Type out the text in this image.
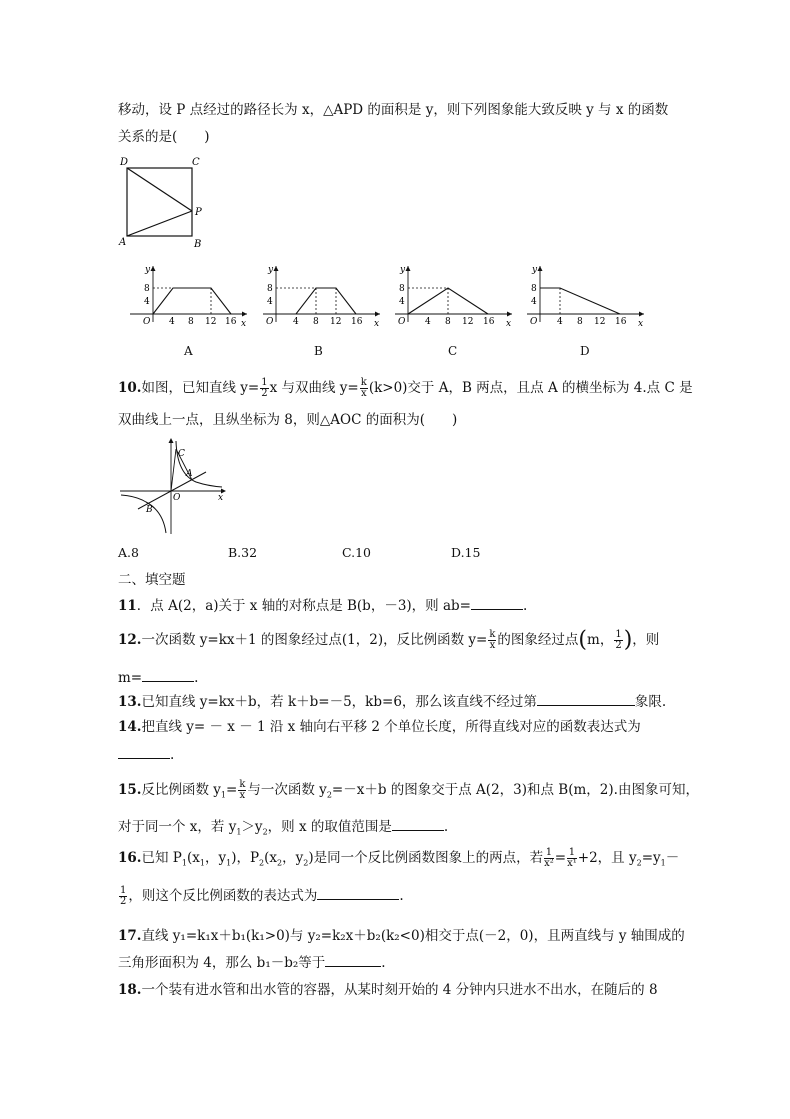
移动，设 P 点经过的路径长为 x，△APD 的面积是 y，则下列图象能大致反映 y 与 x 的函数
关系的是(　　)
D	C
P
A	B
y
8
4
O 4 8 12 16 x
y
8
4
O 4 8 12 16 x
y
8
4
O 4 8 12 16 x
y
8
4
O 4 8 12 16 x
A	B	C	D
10.如图，已知直线 $y= \frac{1}{2}$ x 与双曲线 $y= \frac{k}{x} (k>0)$交于 A，B 两点，且点 A 的横坐标为 4.点 C 是
双曲线上一点，且纵坐标为 8，则△AOC 的面积为(　　)
C
A
O
B
x
A.8	B.32	C.10	D.15
二、填空题
11．点 A(2，a)关于 x 轴的对称点是 B(b，－3)，则 ab=	.
12.一次函数 y=kx＋1 的图象经过点(1，2)，反比例函数 $y= \frac{k}{x}$ 的图象经过点(m， $\frac{1}{2}$ )，则
m=	.
13.已知直线 y=kx＋b，若 k＋b=－5，kb=6，那么该直线不经过第	象限.
14.把直线 y= － x － 1 沿 x 轴向右平移 2 个单位长度，所得直线对应的函数表达式为
.
15.反比例函数 $y_1= \frac{k}{x}$ 与一次函数 $y_2=-x+b$ 的图象交于点 A(2，3)和点 B(m，2).由图象可知，
对于同一个 x，若 $y_1>y_2$，则 x 的取值范围是	.
16.已知 $P_1(x_1$，$y_1$)，$P_2(x_2$，$y_2$)是同一个反比例函数图象上的两点，若 $\frac{1}{\text{x²}} = \frac{1}{\text{x¹}} +2$，且 $y_2=y_1-$
$\frac{1}{2}$ ，则这个反比例函数的表达式为	.
17.直线 y₁=k₁x＋b₁(k₁>0)与 y₂=k₂x＋b₂(k₂<0)相交于点(－2，0)，且两直线与 y 轴围成的
三角形面积为 4，那么 b₁－b₂等于	.
18.一个装有进水管和出水管的容器，从某时刻开始的 4 分钟内只进水不出水，在随后的 8
